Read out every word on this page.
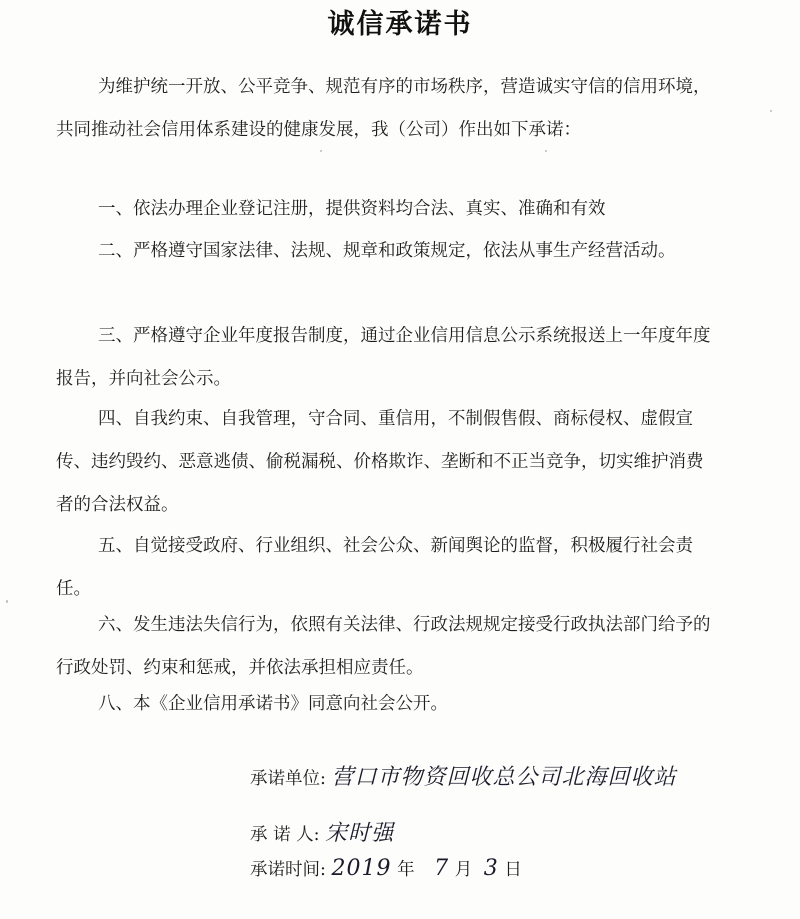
诚信承诺书
为维护统一开放、公平竞争、规范有序的市场秩序，营造诚实守信的信用环境，共同推动社会信用体系建设的健康发展，我（公司）作出如下承诺：
一、依法办理企业登记注册，提供资料均合法、真实、准确和有效
二、严格遵守国家法律、法规、规章和政策规定，依法从事生产经营活动。
三、严格遵守企业年度报告制度，通过企业信用信息公示系统报送上一年度年度报告，并向社会公示。
四、自我约束、自我管理，守合同、重信用，不制假售假、商标侵权、虚假宣传、违约毁约、恶意逃债、偷税漏税、价格欺诈、垄断和不正当竞争，切实维护消费者的合法权益。
五、自觉接受政府、行业组织、社会公众、新闻舆论的监督，积极履行社会责任。
六、发生违法失信行为，依照有关法律、行政法规规定接受行政执法部门给予的行政处罚、约束和惩戒，并依法承担相应责任。
八、本《企业信用承诺书》同意向社会公开。
承诺单位: 营口市物资回收总公司北海回收站
承 诺 人: 宋时强
承诺时间: 2019 年 7 月 3 日
